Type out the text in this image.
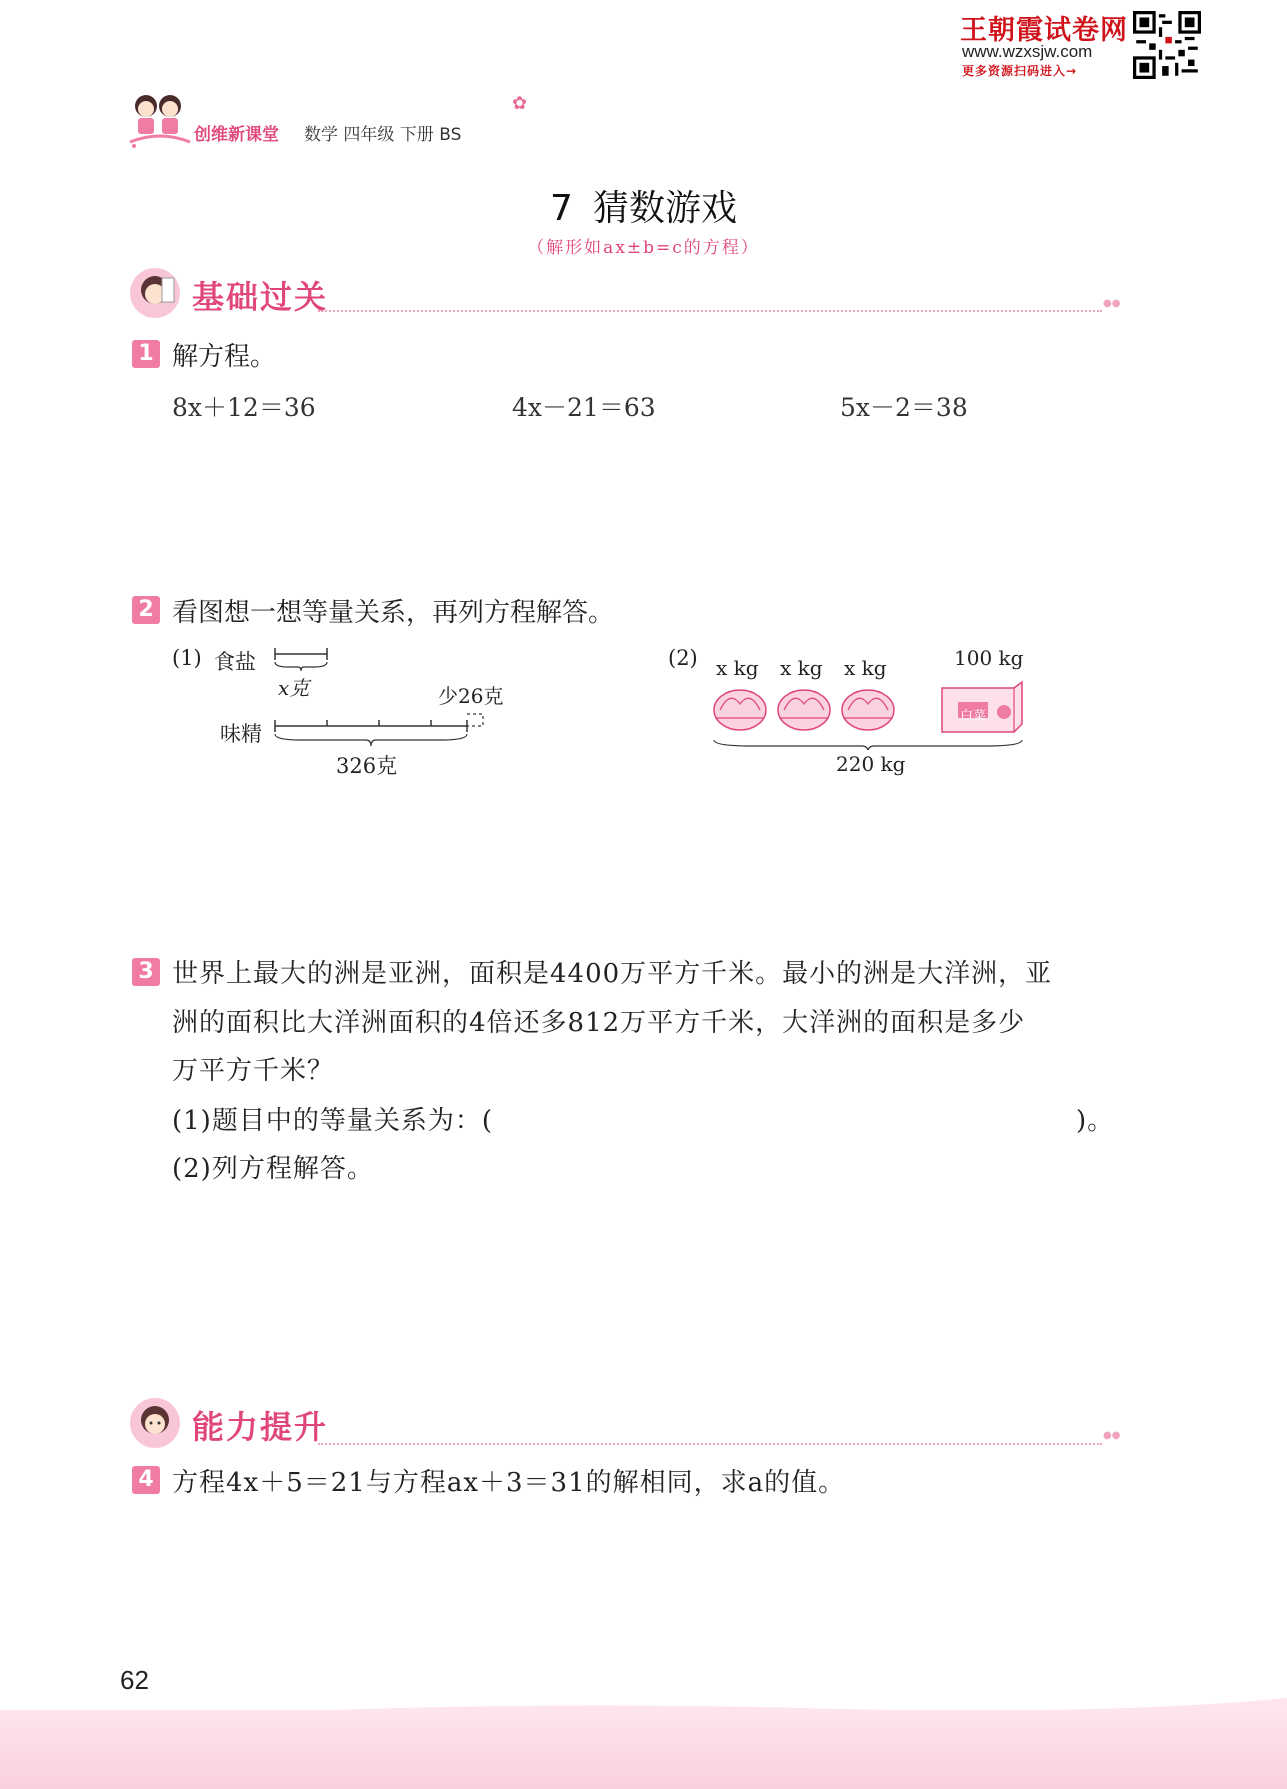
王朝霞试卷网
www.wzxsjw.com
更多资源扫码进入→
创维新课堂 数学 四年级 下册 BS
✿
7 猜数游戏
（解形如ax±b=c的方程）
基础过关	●●
1 解方程。
8x＋12＝36	4x－21＝63	5x－2＝38
2 看图想一想等量关系，再列方程解答。
(1) 食盐
x克	少26克
味精
326克
(2) x kg x kg x kg	100 kg
白菜
220 kg
3 世界上最大的洲是亚洲，面积是4400万平方千米。最小的洲是大洋洲，亚
洲的面积比大洋洲面积的4倍还多812万平方千米，大洋洲的面积是多少
万平方千米？
(1)题目中的等量关系为：(	)。
(2)列方程解答。
能力提升	●●
4 方程4x＋5＝21与方程ax＋3＝31的解相同，求a的值。
62
